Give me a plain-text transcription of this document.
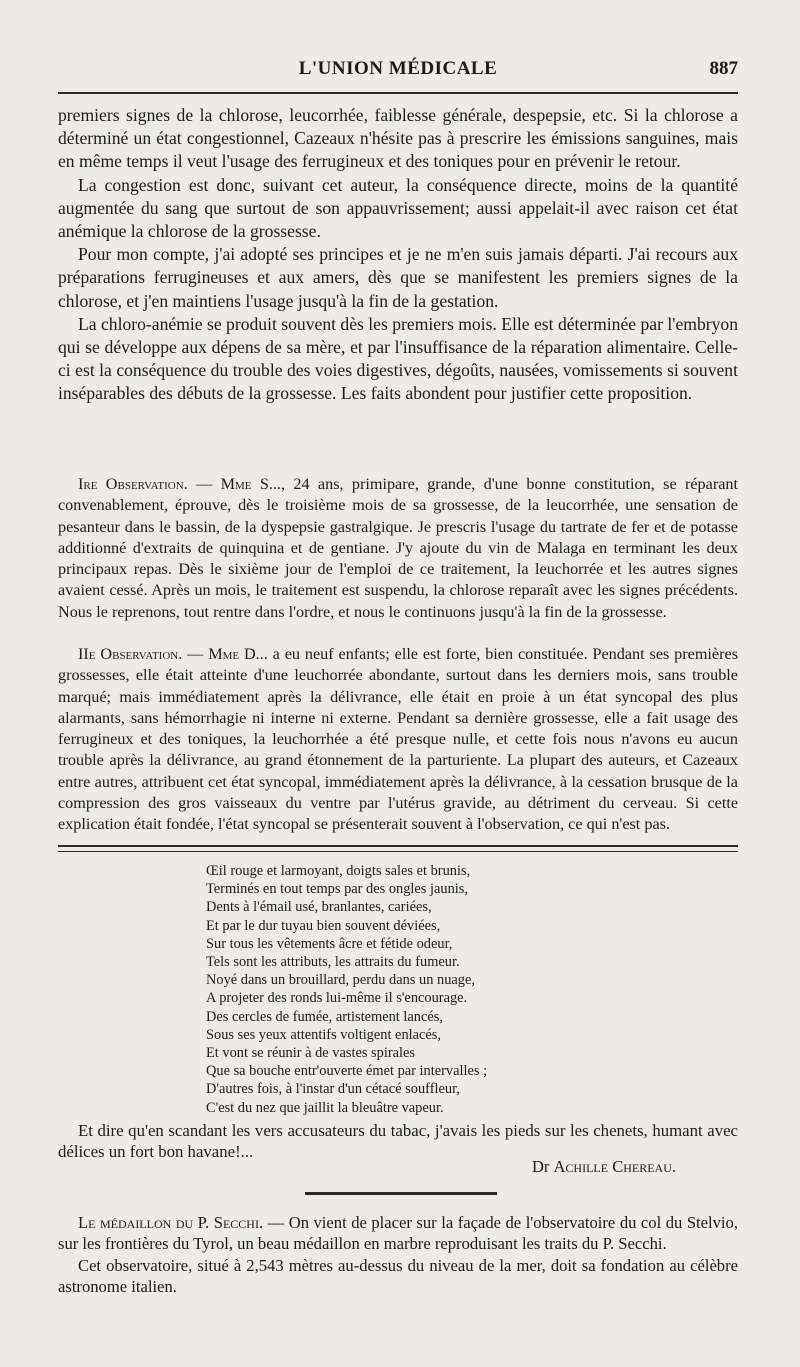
L'UNION MÉDICALE	887

premiers signes de la chlorose, leucorrhée, faiblesse générale, despepsie, etc. Si la chlorose a déterminé un état congestionnel, Cazeaux n'hésite pas à prescrire les émissions sanguines, mais en même temps il veut l'usage des ferrugineux et des toniques pour en prévenir le retour.

La congestion est donc, suivant cet auteur, la conséquence directe, moins de la quantité augmentée du sang que surtout de son appauvrissement; aussi appelait-il avec raison cet état anémique la chlorose de la grossesse.

Pour mon compte, j'ai adopté ses principes et je ne m'en suis jamais départi. J'ai recours aux préparations ferrugineuses et aux amers, dès que se manifestent les premiers signes de la chlorose, et j'en maintiens l'usage jusqu'à la fin de la gestation.

La chloro-anémie se produit souvent dès les premiers mois. Elle est déterminée par l'embryon qui se développe aux dépens de sa mère, et par l'insuffisance de la réparation alimentaire. Celle-ci est la conséquence du trouble des voies digestives, dégoûts, nausées, vomissements si souvent inséparables des débuts de la grossesse. Les faits abondent pour justifier cette proposition.

Ire Observation. — Mme S..., 24 ans, primipare, grande, d'une bonne constitution, se réparant convenablement, éprouve, dès le troisième mois de sa grossesse, de la leucorrhée, une sensation de pesanteur dans le bassin, de la dyspepsie gastralgique. Je prescris l'usage du tartrate de fer et de potasse additionné d'extraits de quinquina et de gentiane. J'y ajoute du vin de Malaga en terminant les deux principaux repas. Dès le sixième jour de l'emploi de ce traitement, la leuchorrée et les autres signes avaient cessé. Après un mois, le traitement est suspendu, la chlorose reparaît avec les signes précédents. Nous le reprenons, tout rentre dans l'ordre, et nous le continuons jusqu'à la fin de la grossesse.

IIe Observation. — Mme D... a eu neuf enfants; elle est forte, bien constituée. Pendant ses premières grossesses, elle était atteinte d'une leuchorrée abondante, surtout dans les derniers mois, sans trouble marqué; mais immédiatement après la délivrance, elle était en proie à un état syncopal des plus alarmants, sans hémorrhagie ni interne ni externe. Pendant sa dernière grossesse, elle a fait usage des ferrugineux et des toniques, la leuchorrhée a été presque nulle, et cette fois nous n'avons eu aucun trouble après la délivrance, au grand étonnement de la parturiente. La plupart des auteurs, et Cazeaux entre autres, attribuent cet état syncopal, immédiatement après la délivrance, à la cessation brusque de la compression des gros vaisseaux du ventre par l'utérus gravide, au détriment du cerveau. Si cette explication était fondée, l'état syncopal se présenterait souvent à l'observation, ce qui n'est pas.

Œil rouge et larmoyant, doigts sales et brunis,
Terminés en tout temps par des ongles jaunis,
Dents à l'émail usé, branlantes, cariées,
Et par le dur tuyau bien souvent déviées,
Sur tous les vêtements âcre et fétide odeur,
Tels sont les attributs, les attraits du fumeur.
Noyé dans un brouillard, perdu dans un nuage,
A projeter des ronds lui-même il s'encourage.
Des cercles de fumée, artistement lancés,
Sous ses yeux attentifs voltigent enlacés,
Et vont se réunir à de vastes spirales
Que sa bouche entr'ouverte émet par intervalles ;
D'autres fois, à l'instar d'un cétacé souffleur,
C'est du nez que jaillit la bleuâtre vapeur.

Et dire qu'en scandant les vers accusateurs du tabac, j'avais les pieds sur les chenets, humant avec délices un fort bon havane!...

Dr Achille Chereau.

Le médaillon du P. Secchi. — On vient de placer sur la façade de l'observatoire du col du Stelvio, sur les frontières du Tyrol, un beau médaillon en marbre reproduisant les traits du P. Secchi.

Cet observatoire, situé à 2,543 mètres au-dessus du niveau de la mer, doit sa fondation au célèbre astronome italien.
